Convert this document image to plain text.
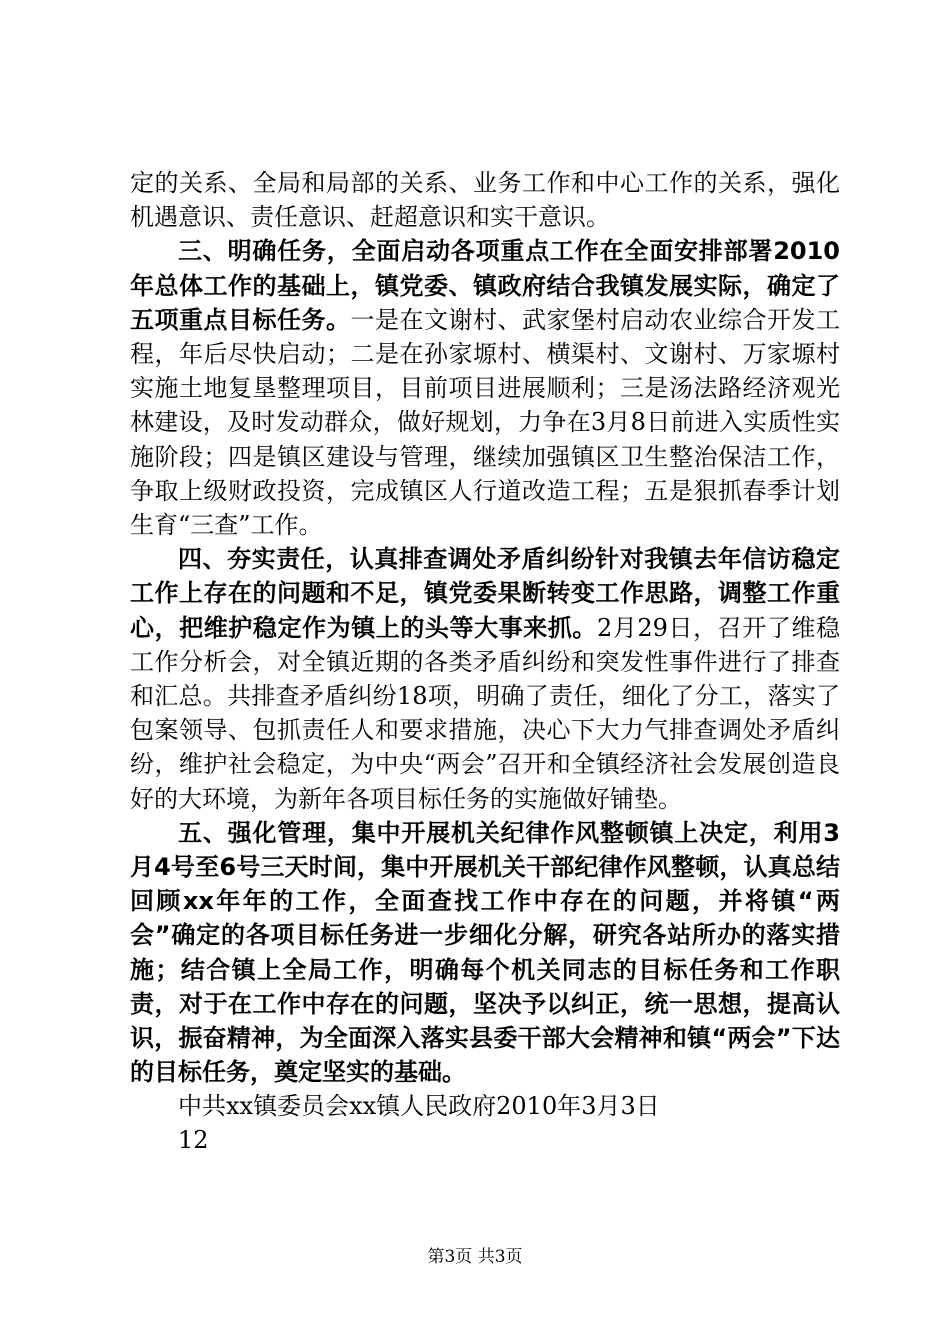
定的关系、全局和局部的关系、业务工作和中心工作的关系，强化机遇意识、责任意识、赶超意识和实干意识。

三、明确任务，全面启动各项重点工作在全面安排部署2010年总体工作的基础上，镇党委、镇政府结合我镇发展实际，确定了五项重点目标任务。一是在文谢村、武家堡村启动农业综合开发工程，年后尽快启动；二是在孙家塬村、横渠村、文谢村、万家塬村实施土地复垦整理项目，目前项目进展顺利；三是汤法路经济观光林建设，及时发动群众，做好规划，力争在3月8日前进入实质性实施阶段；四是镇区建设与管理，继续加强镇区卫生整治保洁工作，争取上级财政投资，完成镇区人行道改造工程；五是狠抓春季计划生育“三查”工作。

四、夯实责任，认真排查调处矛盾纠纷针对我镇去年信访稳定工作上存在的问题和不足，镇党委果断转变工作思路，调整工作重心，把维护稳定作为镇上的头等大事来抓。2月29日，召开了维稳工作分析会，对全镇近期的各类矛盾纠纷和突发性事件进行了排查和汇总。共排查矛盾纠纷18项，明确了责任，细化了分工，落实了包案领导、包抓责任人和要求措施，决心下大力气排查调处矛盾纠纷，维护社会稳定，为中央“两会”召开和全镇经济社会发展创造良好的大环境，为新年各项目标任务的实施做好铺垫。

五、强化管理，集中开展机关纪律作风整顿镇上决定，利用3月4号至6号三天时间，集中开展机关干部纪律作风整顿，认真总结回顾xx年年的工作，全面查找工作中存在的问题，并将镇“两会”确定的各项目标任务进一步细化分解，研究各站所办的落实措施；结合镇上全局工作，明确每个机关同志的目标任务和工作职责，对于在工作中存在的问题，坚决予以纠正，统一思想，提高认识，振奋精神，为全面深入落实县委干部大会精神和镇“两会”下达的目标任务，奠定坚实的基础。

中共xx镇委员会xx镇人民政府2010年3月3日

12

第3页 共3页
